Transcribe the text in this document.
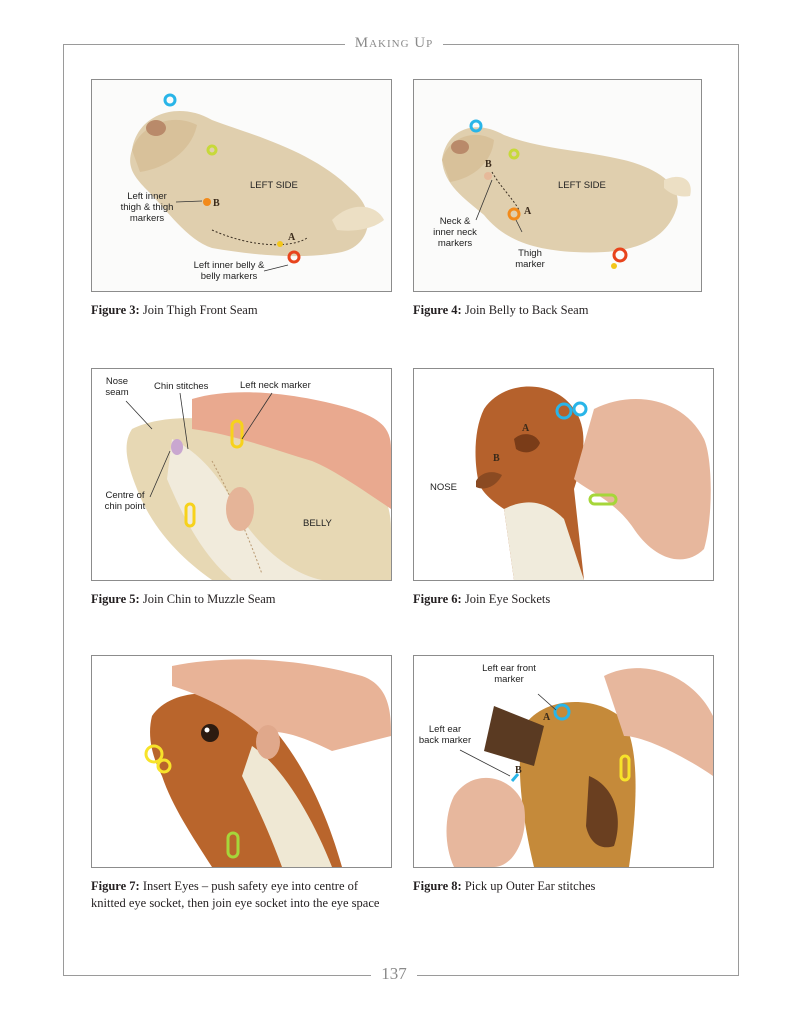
Making Up
137
LEFT SIDE
Left inner thigh & thigh markers
Left inner belly & belly markers
A
B
Figure 3: Join Thigh Front Seam
LEFT SIDE
Neck & inner neck markers
Thigh marker
A
B
Figure 4: Join Belly to Back Seam
Nose seam
Chin stitches	Left neck marker
Centre of chin point
BELLY
Figure 5: Join Chin to Muzzle Seam
NOSE
A
B
Figure 6: Join Eye Sockets
Figure 7: Insert Eyes – push safety eye into centre of knitted eye socket, then join eye socket into the eye space
Left ear front marker
Left ear back marker
A
B
Figure 8: Pick up Outer Ear stitches
